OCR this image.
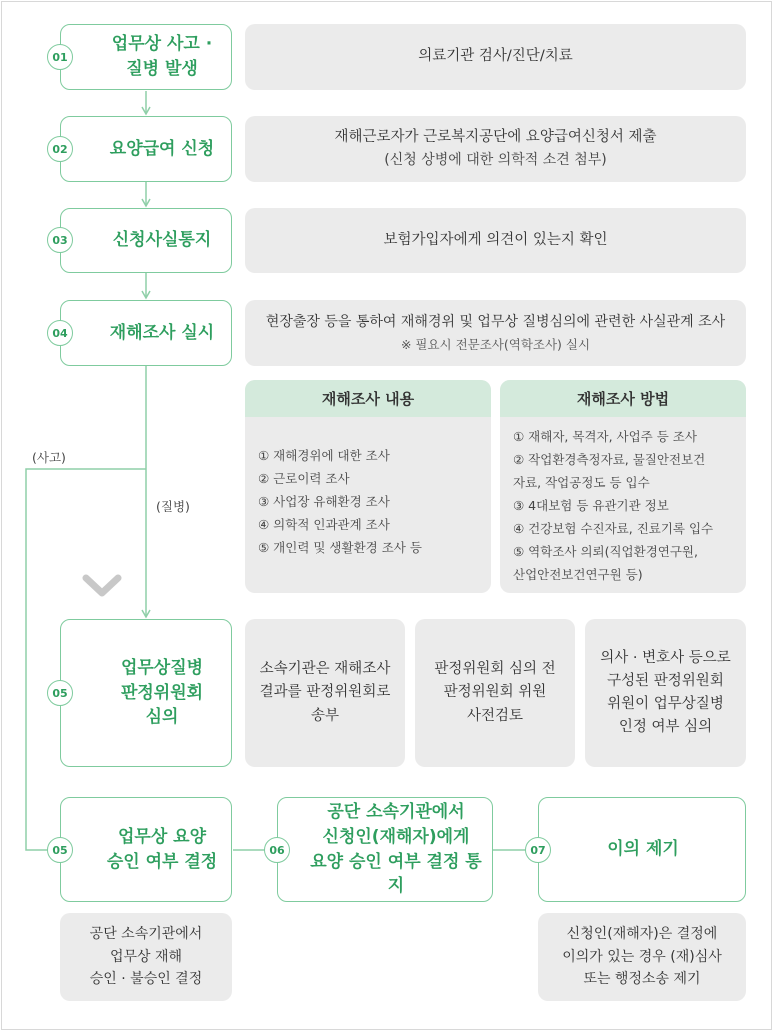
업무상 사고 ·
질병 발생
01	의료기관 검사/진단/치료
요양급여 신청
02
재해근로자가 근로복지공단에 요양급여신청서 제출
(신청 상병에 대한 의학적 소견 첨부)
신청사실통지
03	보험가입자에게 의견이 있는지 확인
재해조사 실시
04
현장출장 등을 통하여 재해경위 및 업무상 질병심의에 관련한 사실관계 조사
※ 필요시 전문조사(역학조사) 실시
재해조사 내용
① 재해경위에 대한 조사
② 근로이력 조사
③ 사업장 유해환경 조사
④ 의학적 인과관계 조사
⑤ 개인력 및 생활환경 조사 등
재해조사 방법
① 재해자, 목격자, 사업주 등 조사
② 작업환경측정자료, 물질안전보건
자료, 작업공정도 등 입수
③ 4대보험 등 유관기관 정보
④ 건강보험 수진자료, 진료기록 입수
⑤ 역학조사 의뢰(직업환경연구원,
산업안전보건연구원 등)
(사고)
(질병)
업무상질병
판정위원회
심의
05
소속기관은 재해조사
결과를 판정위원회로
송부
판정위원회 심의 전
판정위원회 위원
사전검토
의사 · 변호사 등으로
구성된 판정위원회
위원이 업무상질병
인정 여부 심의
업무상 요양
승인 여부 결정
05
공단 소속기관에서
신청인(재해자)에게
요양 승인 여부 결정 통지
06	이의 제기
07
공단 소속기관에서
업무상 재해
승인 · 불승인 결정
신청인(재해자)은 결정에
이의가 있는 경우 (재)심사
또는 행정소송 제기
